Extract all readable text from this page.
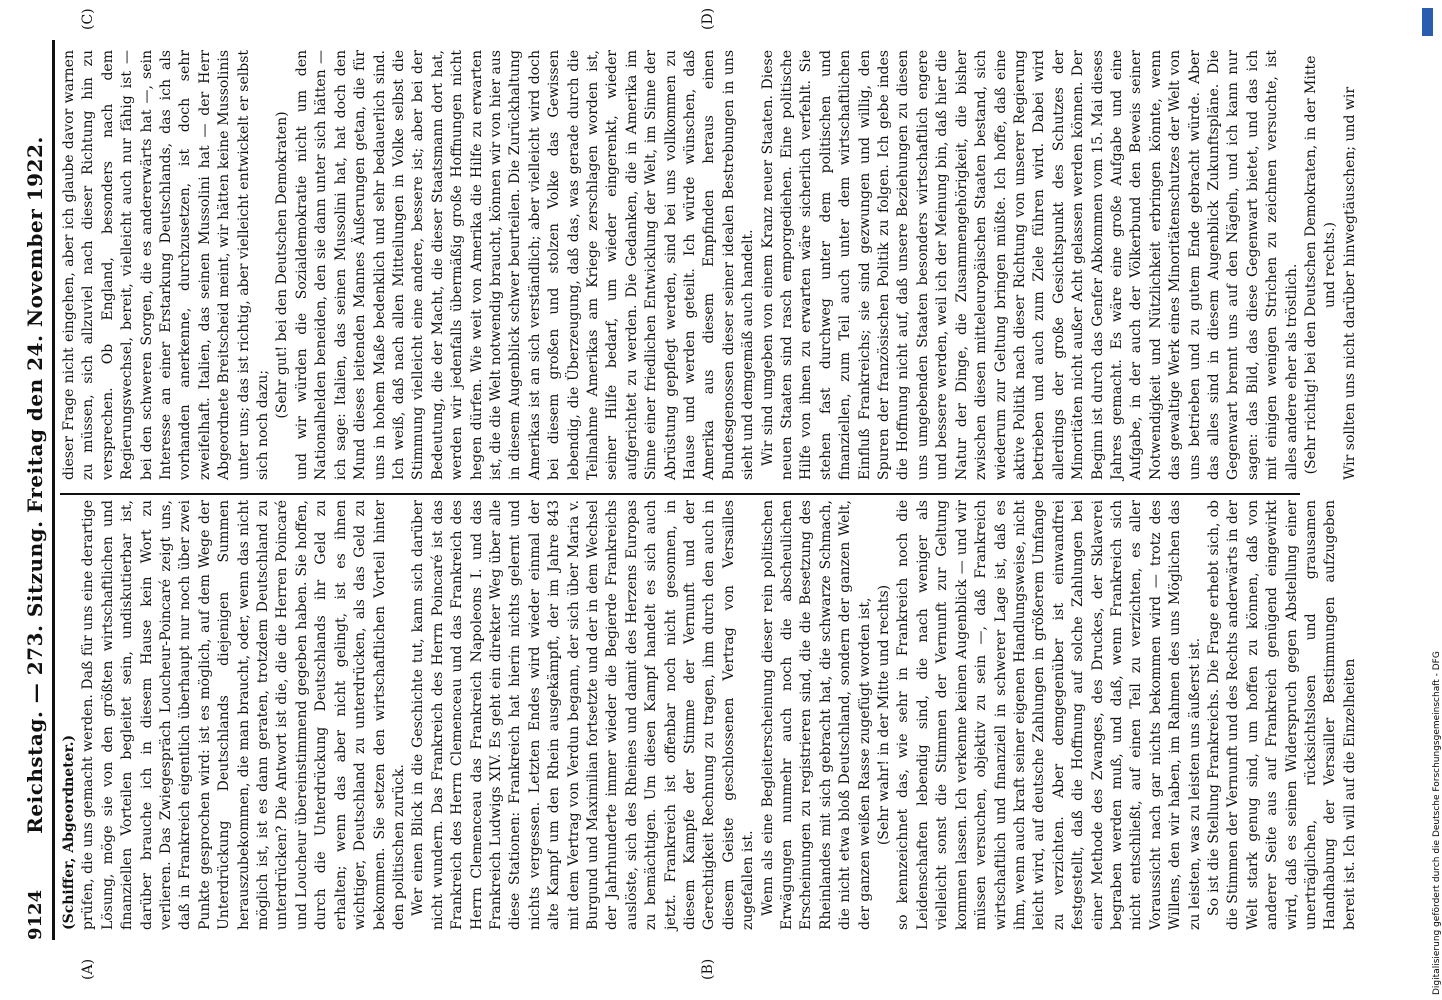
9124
Reichstag. — 273. Sitzung. Freitag den 24. November 1922.
(A)	(B)
(C)	(D)

(Schiffer, Abgeordneter.) prüfen, die uns gemacht werden. Daß für uns eine derartige Lösung, möge sie von den größten wirtschaftlichen und finanziellen Vorteilen begleitet sein, undiskutierbar ist, darüber brauche ich in diesem Hause kein Wort zu verlieren. Das Zwiegespräch Loucheur-Poincaré zeigt uns, daß in Frankreich eigentlich überhaupt nur noch über zwei Punkte gesprochen wird: ist es möglich, auf dem Wege der Unterdrückung Deutschlands diejenigen Summen herauszubekommen, die man braucht, oder, wenn das nicht möglich ist, ist es dann geraten, trotzdem Deutschland zu unterdrücken? Die Antwort ist die, die die Herren Poincaré und Loucheur übereinstimmend gegeben haben. Sie hoffen, durch die Unterdrückung Deutschlands ihr Geld zu erhalten; wenn das aber nicht gelingt, ist es ihnen wichtiger, Deutschland zu unterdrücken, als das Geld zu bekommen. Sie setzen den wirtschaftlichen Vorteil hinter den politischen zurück. Wer einen Blick in die Geschichte tut, kann sich darüber nicht wundern. Das Frankreich des Herrn Poincaré ist das Frankreich des Herrn Clemenceau und das Frankreich des Herrn Clemenceau das Frankreich Napoleons I. und das Frankreich Ludwigs XIV. Es geht ein direkter Weg über alle diese Stationen: Frankreich hat hierin nichts gelernt und nichts vergessen. Letzten Endes wird wieder einmal der alte Kampf um den Rhein ausgekämpft, der im Jahre 843 mit dem Vertrag von Verdun begann, der sich über Maria v. Burgund und Maximilian fortsetzte und der in dem Wechsel der Jahrhunderte immer wieder die Begierde Frankreichs auslöste, sich des Rheines und damit des Herzens Europas zu bemächtigen. Um diesen Kampf handelt es sich auch jetzt. Frankreich ist offenbar noch nicht gesonnen, in diesem Kampfe der Stimme der Vernunft und der Gerechtigkeit Rechnung zu tragen, ihm durch den auch in diesem Geiste geschlossenen Vertrag von Versailles zugefallen ist. Wenn als eine Begleiterscheinung dieser rein politischen Erwägungen nunmehr auch noch die abscheulichen Erscheinungen zu registrieren sind, die die Besetzung des Rheinlandes mit sich gebracht hat, die schwarze Schmach, die nicht etwa bloß Deutschland, sondern der ganzen Welt, der ganzen weißen Rasse zugefügt worden ist, (Sehr wahr! in der Mitte und rechts) so kennzeichnet das, wie sehr in Frankreich noch die Leidenschaften lebendig sind, die nach weniger als vielleicht sonst die Stimmen der Vernunft zur Geltung kommen lassen. Ich verkenne keinen Augenblick — und wir müssen versuchen, objektiv zu sein —, daß Frankreich wirtschaftlich und finanziell in schwerer Lage ist, daß es ihm, wenn auch kraft seiner eigenen Handlungsweise, nicht leicht wird, auf deutsche Zahlungen in größerem Umfange zu verzichten. Aber demgegenüber ist einwandfrei festgestellt, daß die Hoffnung auf solche Zahlungen bei einer Methode des Zwanges, des Druckes, der Sklaverei begraben werden muß, und daß, wenn Frankreich sich nicht entschließt, auf einen Teil zu verzichten, es aller Voraussicht nach gar nichts bekommen wird — trotz des Willens, den wir haben, im Rahmen des uns Möglichen das zu leisten, was zu leisten uns äußerst ist. So ist die Stellung Frankreichs. Die Frage erhebt sich, ob die Stimmen der Vernunft und des Rechts anderwärts in der Welt stark genug sind, um hoffen zu können, daß von anderer Seite aus auf Frankreich genügend eingewirkt wird, daß es seinen Widerspruch gegen Abstellung einer unerträglichen, rücksichtslosen und grausamen Handhabung der Versailler Bestimmungen aufzugeben bereit ist. Ich will auf die Einzelheiten

dieser Frage nicht eingehen, aber ich glaube davor warnen zu müssen, sich allzuviel nach dieser Richtung hin zu versprechen. Ob England, besonders nach dem Regierungswechsel, bereit, vielleicht auch nur fähig ist — bei den schweren Sorgen, die es andererwärts hat —, sein Interesse an einer Erstarkung Deutschlands, das ich als vorhanden anerkenne, durchzusetzen, ist doch sehr zweifelhaft. Italien, das seinen Mussolini hat — der Herr Abgeordnete Breitscheid meint, wir hätten keine Mussolinis unter uns; das ist richtig, aber vielleicht entwickelt er selbst sich noch dazu;

(Sehr gut! bei den Deutschen Demokraten) und wir würden die Sozialdemokratie nicht um den Nationalhelden beneiden, den sie dann unter sich hätten — ich sage: Italien, das seinen Mussolini hat, hat doch den Mund dieses leitenden Mannes Äußerungen getan, die für uns in hohem Maße bedenklich und sehr bedauerlich sind. Ich weiß, daß nach allen Mitteilungen in Volke selbst die Stimmung vielleicht eine andere, bessere ist; aber bei der Bedeutung, die der Macht, die dieser Staatsmann dort hat, werden wir jedenfalls übermäßig große Hoffnungen nicht hegen dürfen. Wie weit von Amerika die Hilfe zu erwarten ist, die die Welt notwendig braucht, können wir von hier aus in diesem Augenblick schwer beurteilen. Die Zurückhaltung Amerikas ist an sich verständlich; aber vielleicht wird doch bei diesem großen und stolzen Volke das Gewissen lebendig, die Überzeugung, daß das, was gerade durch die Teilnahme Amerikas am Kriege zerschlagen worden ist, seiner Hilfe bedarf, um wieder eingerenkt, wieder aufgerichtet zu werden. Die Gedanken, die in Amerika im Sinne einer friedlichen Entwicklung der Welt, im Sinne der Abrüstung gepflegt werden, sind bei uns vollkommen zu Hause und werden geteilt. Ich würde wünschen, daß Amerika aus diesem Empfinden heraus einen Bundesgenossen dieser seiner idealen Bestrebungen in uns sieht und demgemäß auch handelt. Wir sind umgeben von einem Kranz neuer Staaten. Diese neuen Staaten sind rasch emporgediehen. Eine politische Hilfe von ihnen zu erwarten wäre sicherlich verfehlt. Sie stehen fast durchweg unter dem politischen und finanziellen, zum Teil auch unter dem wirtschaftlichen Einfluß Frankreichs; sie sind gezwungen und willig, den Spuren der französischen Politik zu folgen. Ich gebe indes die Hoffnung nicht auf, daß unsere Beziehungen zu diesen uns umgebenden Staaten besonders wirtschaftlich engere und bessere werden, weil ich der Meinung bin, daß hier die Natur der Dinge, die Zusammengehörigkeit, die bisher zwischen diesen mitteleuropäischen Staaten bestand, sich wiederum zur Geltung bringen müßte. Ich hoffe, daß eine aktive Politik nach dieser Richtung von unserer Regierung betrieben und auch zum Ziele führen wird. Dabei wird allerdings der große Gesichtspunkt des Schutzes der Minoritäten nicht außer Acht gelassen werden können. Der Beginn ist durch das Genfer Abkommen vom 15. Mai dieses Jahres gemacht. Es wäre eine große Aufgabe und eine Aufgabe, in der auch der Völkerbund den Beweis seiner Notwendigkeit und Nützlichkeit erbringen könnte, wenn das gewaltige Werk eines Minoritätenschutzes der Welt von uns betrieben und zu gutem Ende gebracht würde. Aber das alles sind in diesem Augenblick Zukunftspläne. Die Gegenwart brennt uns auf den Nägeln, und ich kann nur sagen: das Bild, das diese Gegenwart bietet, und das ich mit einigen wenigen Strichen zu zeichnen versuchte, ist alles andere eher als tröstlich. (Sehr richtig! bei den Deutschen Demokraten, in der Mitte und rechts.) Wir sollten uns nicht darüber hinwegtäuschen; und wir

Digitalisierung gefördert durch die Deutsche Forschungsgemeinschaft - DFG
